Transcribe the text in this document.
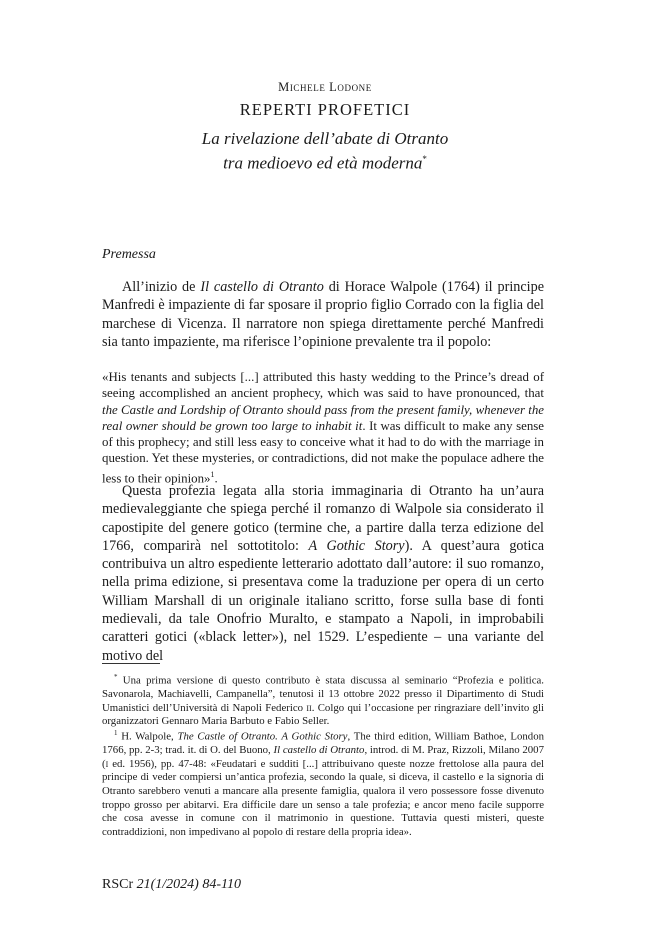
Michele Lodone
REPERTI PROFETICI
La rivelazione dell’abate di Otranto
tra medioevo ed età moderna*
Premessa
All’inizio de Il castello di Otranto di Horace Walpole (1764) il principe Manfredi è impaziente di far sposare il proprio figlio Corrado con la figlia del marchese di Vicenza. Il narratore non spiega direttamente perché Manfredi sia tanto impaziente, ma riferisce l’opinione prevalente tra il popolo:
«His tenants and subjects [...] attributed this hasty wedding to the Prince’s dread of seeing accomplished an ancient prophecy, which was said to have pronounced, that the Castle and Lordship of Otranto should pass from the present family, whenever the real owner should be grown too large to inhabit it. It was difficult to make any sense of this prophecy; and still less easy to conceive what it had to do with the marriage in question. Yet these mysteries, or contradictions, did not make the populace adhere the less to their opinion»$^1$.
Questa profezia legata alla storia immaginaria di Otranto ha un’aura medievaleggiante che spiega perché il romanzo di Walpole sia considerato il capostipite del genere gotico (termine che, a partire dalla terza edizione del 1766, comparirà nel sottotitolo: A Gothic Story). A quest’aura gotica contribuiva un altro espediente letterario adottato dall’autore: il suo romanzo, nella prima edizione, si presentava come la traduzione per opera di un certo William Marshall di un originale italiano scritto, forse sulla base di fonti medievali, da tale Onofrio Muralto, e stampato a Napoli, in improbabili caratteri gotici («black letter»), nel 1529. L’espediente – una variante del motivo del
* Una prima versione di questo contributo è stata discussa al seminario “Profezia e politica. Savonarola, Machiavelli, Campanella”, tenutosi il 13 ottobre 2022 presso il Dipartimento di Studi Umanistici dell’Università di Napoli Federico ii. Colgo qui l’occasione per ringraziare dell’invito gli organizzatori Gennaro Maria Barbuto e Fabio Seller.
$^1$ H. Walpole, The Castle of Otranto. A Gothic Story, The third edition, William Bathoe, London 1766, pp. 2-3; trad. it. di O. del Buono, Il castello di Otranto, introd. di M. Praz, Rizzoli, Milano 2007 (i ed. 1956), pp. 47-48: «Feudatari e sudditi [...] attribuivano queste nozze frettolose alla paura del principe di veder compiersi un’antica profezia, secondo la quale, si diceva, il castello e la signoria di Otranto sarebbero venuti a mancare alla presente famiglia, qualora il vero possessore fosse divenuto troppo grosso per abitarvi. Era difficile dare un senso a tale profezia; e ancor meno facile supporre che cosa avesse in comune con il matrimonio in questione. Tuttavia questi misteri, queste contraddizioni, non impedivano al popolo di restare della propria idea».
RSCr 21(1/2024) 84-110
